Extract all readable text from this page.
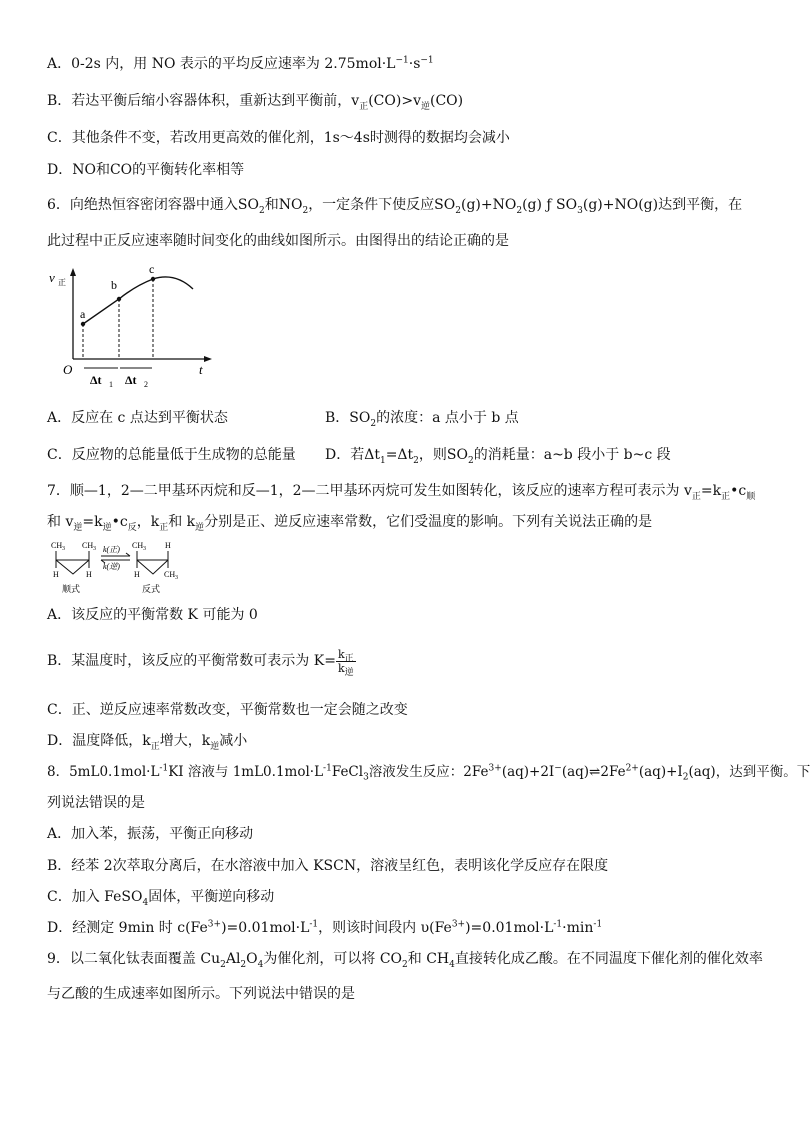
A．0-2s 内，用 NO 表示的平均反应速率为 $2.75mol\cdot L^{-1}\cdot s^{-1}$
B．若达平衡后缩小容器体积，重新达到平衡前，$v_正(CO)>v_逆(CO)$
C．其他条件不变，若改用更高效的催化剂，1s～4s时测得的数据均会减小
D．NO和CO的平衡转化率相等
6．向绝热恒容密闭容器中通入$SO_2$和$NO_2$，一定条件下使反应$SO_2(g)+NO_2(g)$ ƒ $SO_3(g)+NO(g)$达到平衡，在
此过程中正反应速率随时间变化的曲线如图所示。由图得出的结论正确的是
v 正
t
O
a
b
c
Δt 1 Δt 2
A．反应在 c 点达到平衡状态	B．$SO_2$的浓度：a 点小于 b 点
C．反应物的总能量低于生成物的总能量 D．若$\Delta t_1=\Delta t_2$，则$SO_2$的消耗量：a~b 段小于 b~c 段
7．顺—1，2—二甲基环丙烷和反—1，2—二甲基环丙烷可发生如图转化，该反应的速率方程可表示为 $v_正=k_正•c_顺$
和 $v_逆=k_逆•c_反$，$k_正$和 $k_逆$分别是正、逆反应速率常数，它们受温度的影响。下列有关说法正确的是
CH 3 CH 3
H	H
顺式
k(正)
k(逆)
CH 3 H
H	CH 3
反式
A．该反应的平衡常数 K 可能为 0
B．某温度时，该反应的平衡常数可表示为 $K= \frac{k_正}{k_逆}$
C．正、逆反应速率常数改变，平衡常数也一定会随之改变
D．温度降低，$k_正$增大，$k_逆$减小
8．$5mL0.1mol\cdot L^{-1}KI$ 溶液与 $1mL0.1mol\cdot L^{-1}FeCl_3$溶液发生反应：$2Fe^{3+}(aq)+2I^-(aq)\rightleftharpoons 2Fe^{2+}(aq)+I_2(aq)$，达到平衡。下
列说法错误的是
A．加入苯，振荡，平衡正向移动
B．经苯 2次萃取分离后，在水溶液中加入 KSCN，溶液呈红色，表明该化学反应存在限度
C．加入 FeSO$_4$固体，平衡逆向移动
D．经测定 9min 时 $c(Fe^{3+})=0.01mol\cdot L^{-1}$，则该时间段内 $\upsilon(Fe^{3+})=0.01mol\cdot L^{-1}\cdot\min^{-1}$
9．以二氧化钛表面覆盖 $Cu_2Al_2O_4$为催化剂，可以将 $CO_2$和 $CH_4$直接转化成乙酸。在不同温度下催化剂的催化效率
与乙酸的生成速率如图所示。下列说法中错误的是
